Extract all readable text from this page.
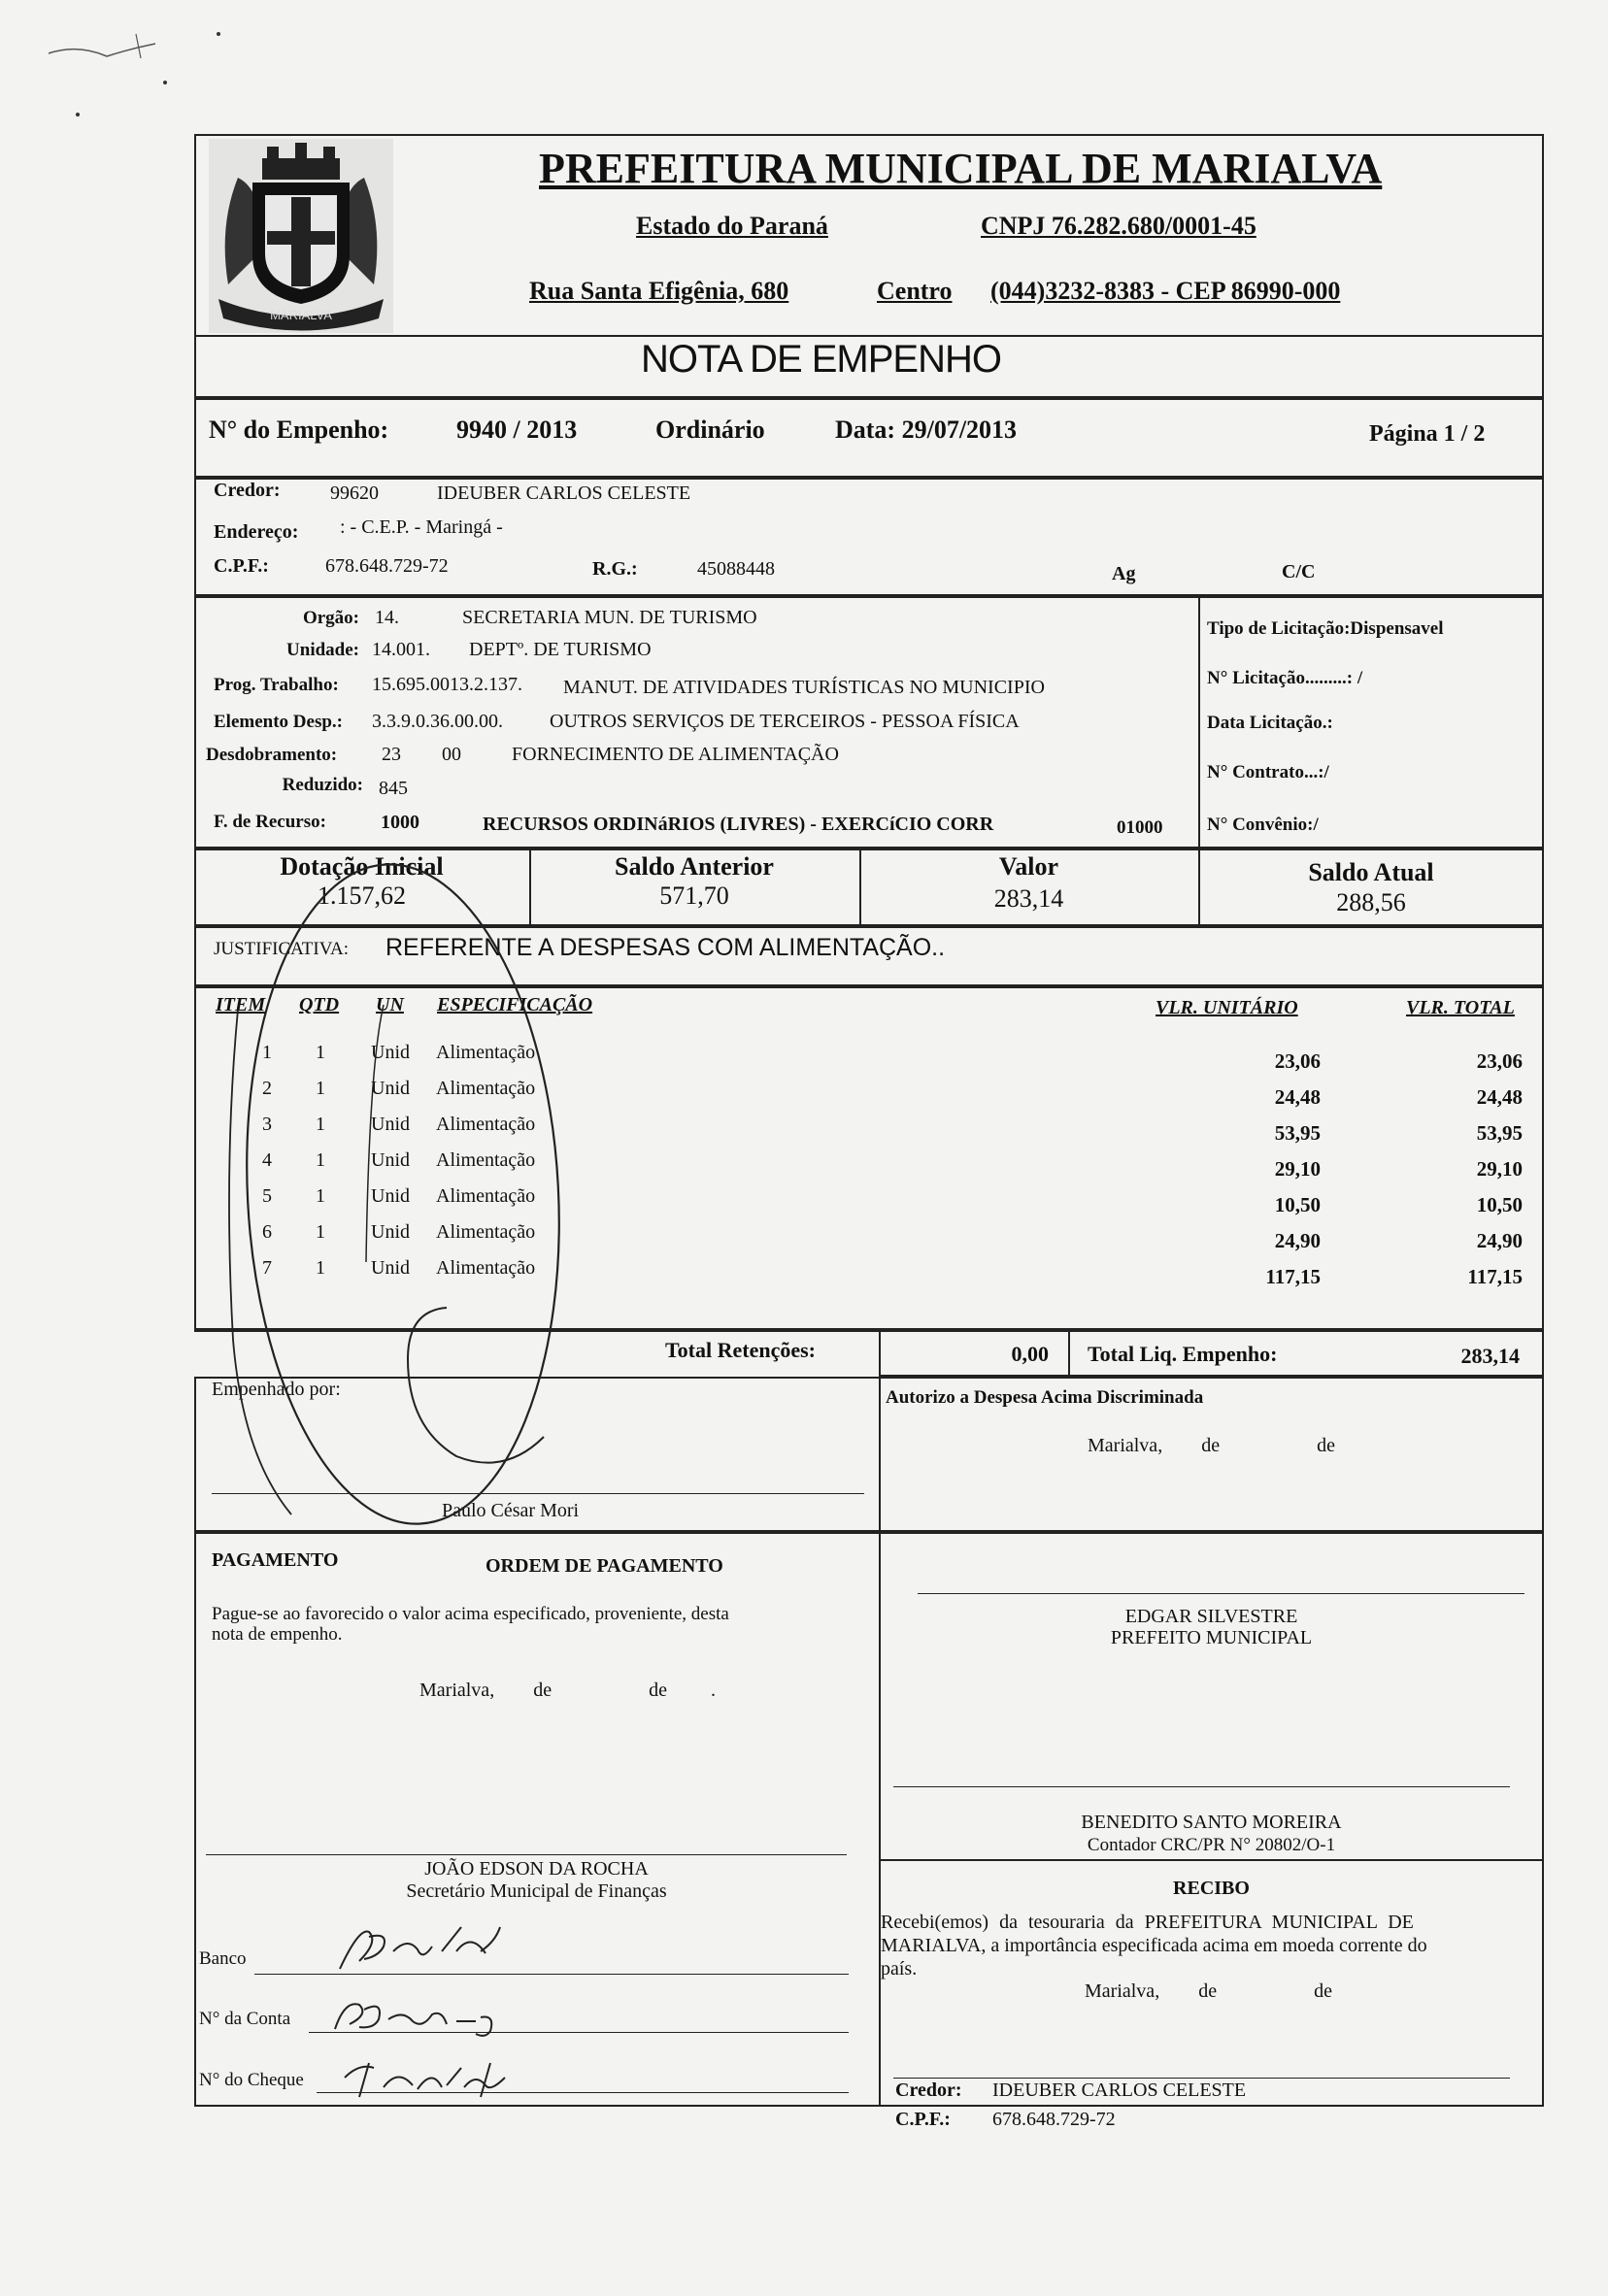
MARIALVA
PREFEITURA MUNICIPAL DE MARIALVA
Estado do Paraná	CNPJ 76.282.680/0001-45
Rua Santa Efigênia, 680	Centro (044)3232-8383 - CEP 86990-000
NOTA DE EMPENHO
N° do Empenho:	9940 / 2013	Ordinário	Data: 29/07/2013	Página 1 / 2
Credor:	99620	IDEUBER CARLOS CELESTE
Endereço: : - C.E.P. - Maringá -
C.P.F.:	678.648.729-72	R.G.:	45088448	Ag	C/C
Orgão: 14.	SECRETARIA MUN. DE TURISMO
Unidade: 14.001. DEPTº. DE TURISMO
Prog. Trabalho: 15.695.0013.2.137. MANUT. DE ATIVIDADES TURÍSTICAS NO MUNICIPIO
Elemento Desp.: 3.3.9.0.36.00.00. OUTROS SERVIÇOS DE TERCEIROS - PESSOA FÍSICA
Desdobramento: 23 00	FORNECIMENTO DE ALIMENTAÇÃO
Reduzido: 845
F. de Recurso:	1000	RECURSOS ORDINáRIOS (LIVRES) - EXERCíCIO CORR	01000
Tipo de Licitação:Dispensavel
N° Licitação.........: /
Data Licitação.:
N° Contrato...:/
N° Convênio:/
Dotação Inicial
1.157,62
Saldo Anterior
571,70
Valor
283,14
Saldo Atual
288,56
JUSTIFICATIVA: REFERENTE A DESPESAS COM ALIMENTAÇÃO..
ITEM QTD UN ESPECIFICAÇÃO	VLR. UNITÁRIO	VLR. TOTAL
1 1 Unid Alimentação	23,06	23,06
2 1 Unid Alimentação	24,48	24,48
3 1 Unid Alimentação	53,95	53,95
4 1 Unid Alimentação	29,10	29,10
5 1 Unid Alimentação	10,50	10,50
6 1 Unid Alimentação	24,90	24,90
7 1 Unid Alimentação	117,15	117,15
Total Retenções:	0,00 Total Liq. Empenho:	283,14
Empenhado por:
Paulo César Mori
Autorizo a Despesa Acima Discriminada
Marialva,        de                    de
PAGAMENTO	ORDEM DE PAGAMENTO
Pague-se ao favorecido o valor acima especificado, proveniente, desta
nota de empenho.
Marialva,        de                    de         .
EDGAR SILVESTRE
PREFEITO MUNICIPAL
BENEDITO SANTO MOREIRA
Contador CRC/PR N° 20802/O-1
JOÃO EDSON DA ROCHA
Secretário Municipal de Finanças	RECIBO
Recebi(emos) da tesouraria da PREFEITURA MUNICIPAL DE
MARIALVA, a importância especificada acima em moeda corrente do
país.
Marialva,        de                    de
Credor: IDEUBER CARLOS CELESTE
C.P.F.: 678.648.729-72
Banco
N° da Conta
N° do Cheque
